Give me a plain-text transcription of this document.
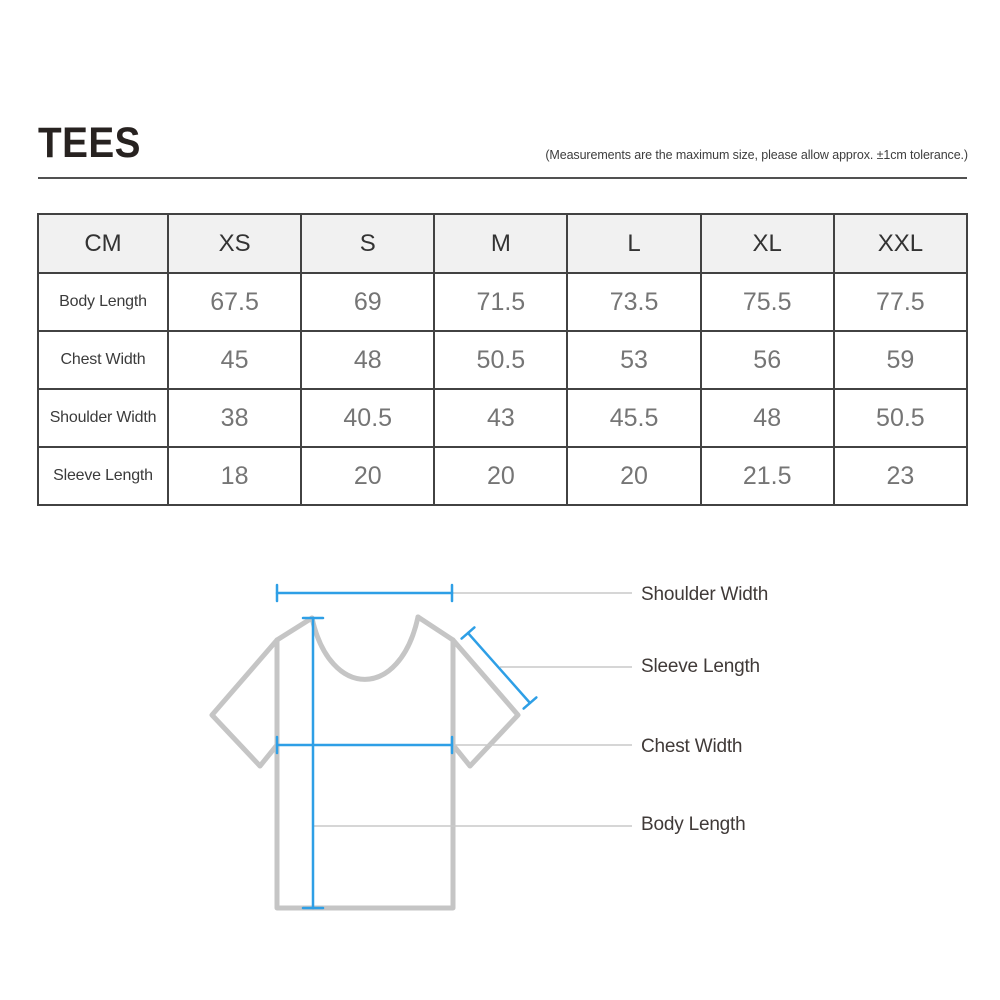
TEES	(Measurements are the maximum size, please allow approx. ±1cm tolerance.)
CM	XS	S	M	L	XL	XXL
Body Length	67.5	69	71.5	73.5	75.5	77.5
Chest Width	45	48	50.5	53	56	59
Shoulder Width	38	40.5	43	45.5	48	50.5
Sleeve Length	18	20	20	20	21.5	23
Shoulder Width
Sleeve Length
Chest Width
Body Length
